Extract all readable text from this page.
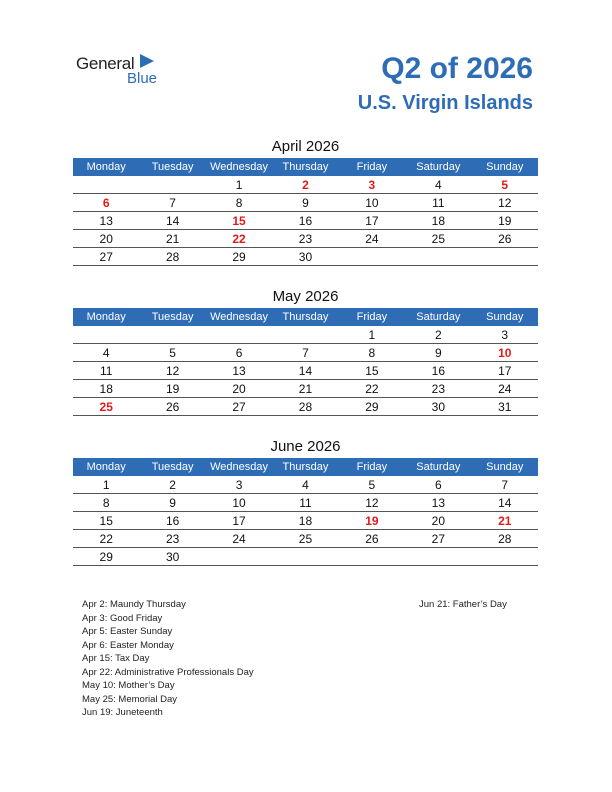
General
Blue	Q2 of 2026
U.S. Virgin Islands
April 2026
Monday	Tuesday	Wednesday	Thursday	Friday	Saturday	Sunday
		1	2	3	4	5
6	7	8	9	10	11	12
13	14	15	16	17	18	19
20	21	22	23	24	25	26
27	28	29	30			
May 2026
Monday	Tuesday	Wednesday	Thursday	Friday	Saturday	Sunday
				1	2	3
4	5	6	7	8	9	10
11	12	13	14	15	16	17
18	19	20	21	22	23	24
25	26	27	28	29	30	31
June 2026
Monday	Tuesday	Wednesday	Thursday	Friday	Saturday	Sunday
1	2	3	4	5	6	7
8	9	10	11	12	13	14
15	16	17	18	19	20	21
22	23	24	25	26	27	28
29	30					
Apr 2: Maundy Thursday
Apr 3: Good Friday
Apr 5: Easter Sunday
Apr 6: Easter Monday
Apr 15: Tax Day
Apr 22: Administrative Professionals Day
May 10: Mother’s Day
May 25: Memorial Day
Jun 19: Juneteenth
Jun 21: Father’s Day
